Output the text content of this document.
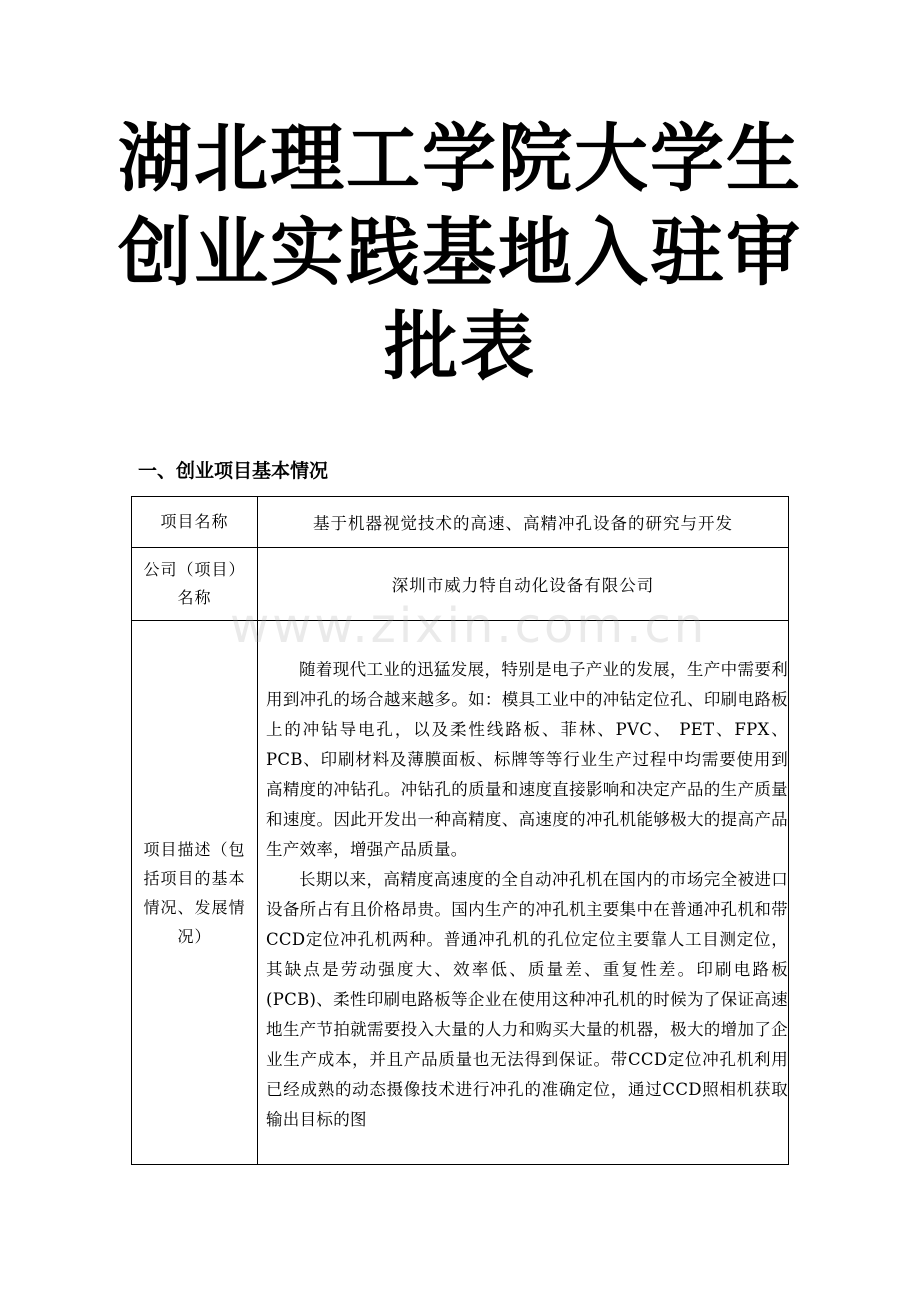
湖北理工学院大学生
创业实践基地入驻审
批表
一、创业项目基本情况
项目名称	基于机器视觉技术的高速、高精冲孔设备的研究与开发

公司（项目）
名称	深圳市威力特自动化设备有限公司

项目描述（包括项目的基本情况、发展情况）	随着现代工业的迅猛发展，特别是电子产业的发展，生产中需要利用到冲孔的场合越来越多。如：模具工业中的冲钻定位孔、印刷电路板上的冲钻导电孔，以及柔性线路板、菲林、PVC、 PET、FPX、PCB、印刷材料及薄膜面板、标牌等等行业生产过程中均需要使用到高精度的冲钻孔。冲钻孔的质量和速度直接影响和决定产品的生产质量和速度。因此开发出一种高精度、高速度的冲孔机能够极大的提高产品生产效率，增强产品质量。

长期以来，高精度高速度的全自动冲孔机在国内的市场完全被进口设备所占有且价格昂贵。国内生产的冲孔机主要集中在普通冲孔机和带CCD定位冲孔机两种。普通冲孔机的孔位定位主要靠人工目测定位，其缺点是劳动强度大、效率低、质量差、重复性差。印刷电路板(PCB)、柔性印刷电路板等企业在使用这种冲孔机的时候为了保证高速地生产节拍就需要投入大量的人力和购买大量的机器，极大的增加了企业生产成本，并且产品质量也无法得到保证。带CCD定位冲孔机利用已经成熟的动态摄像技术进行冲孔的准确定位，通过CCD照相机获取输出目标的图

www.zixin.com.cn
